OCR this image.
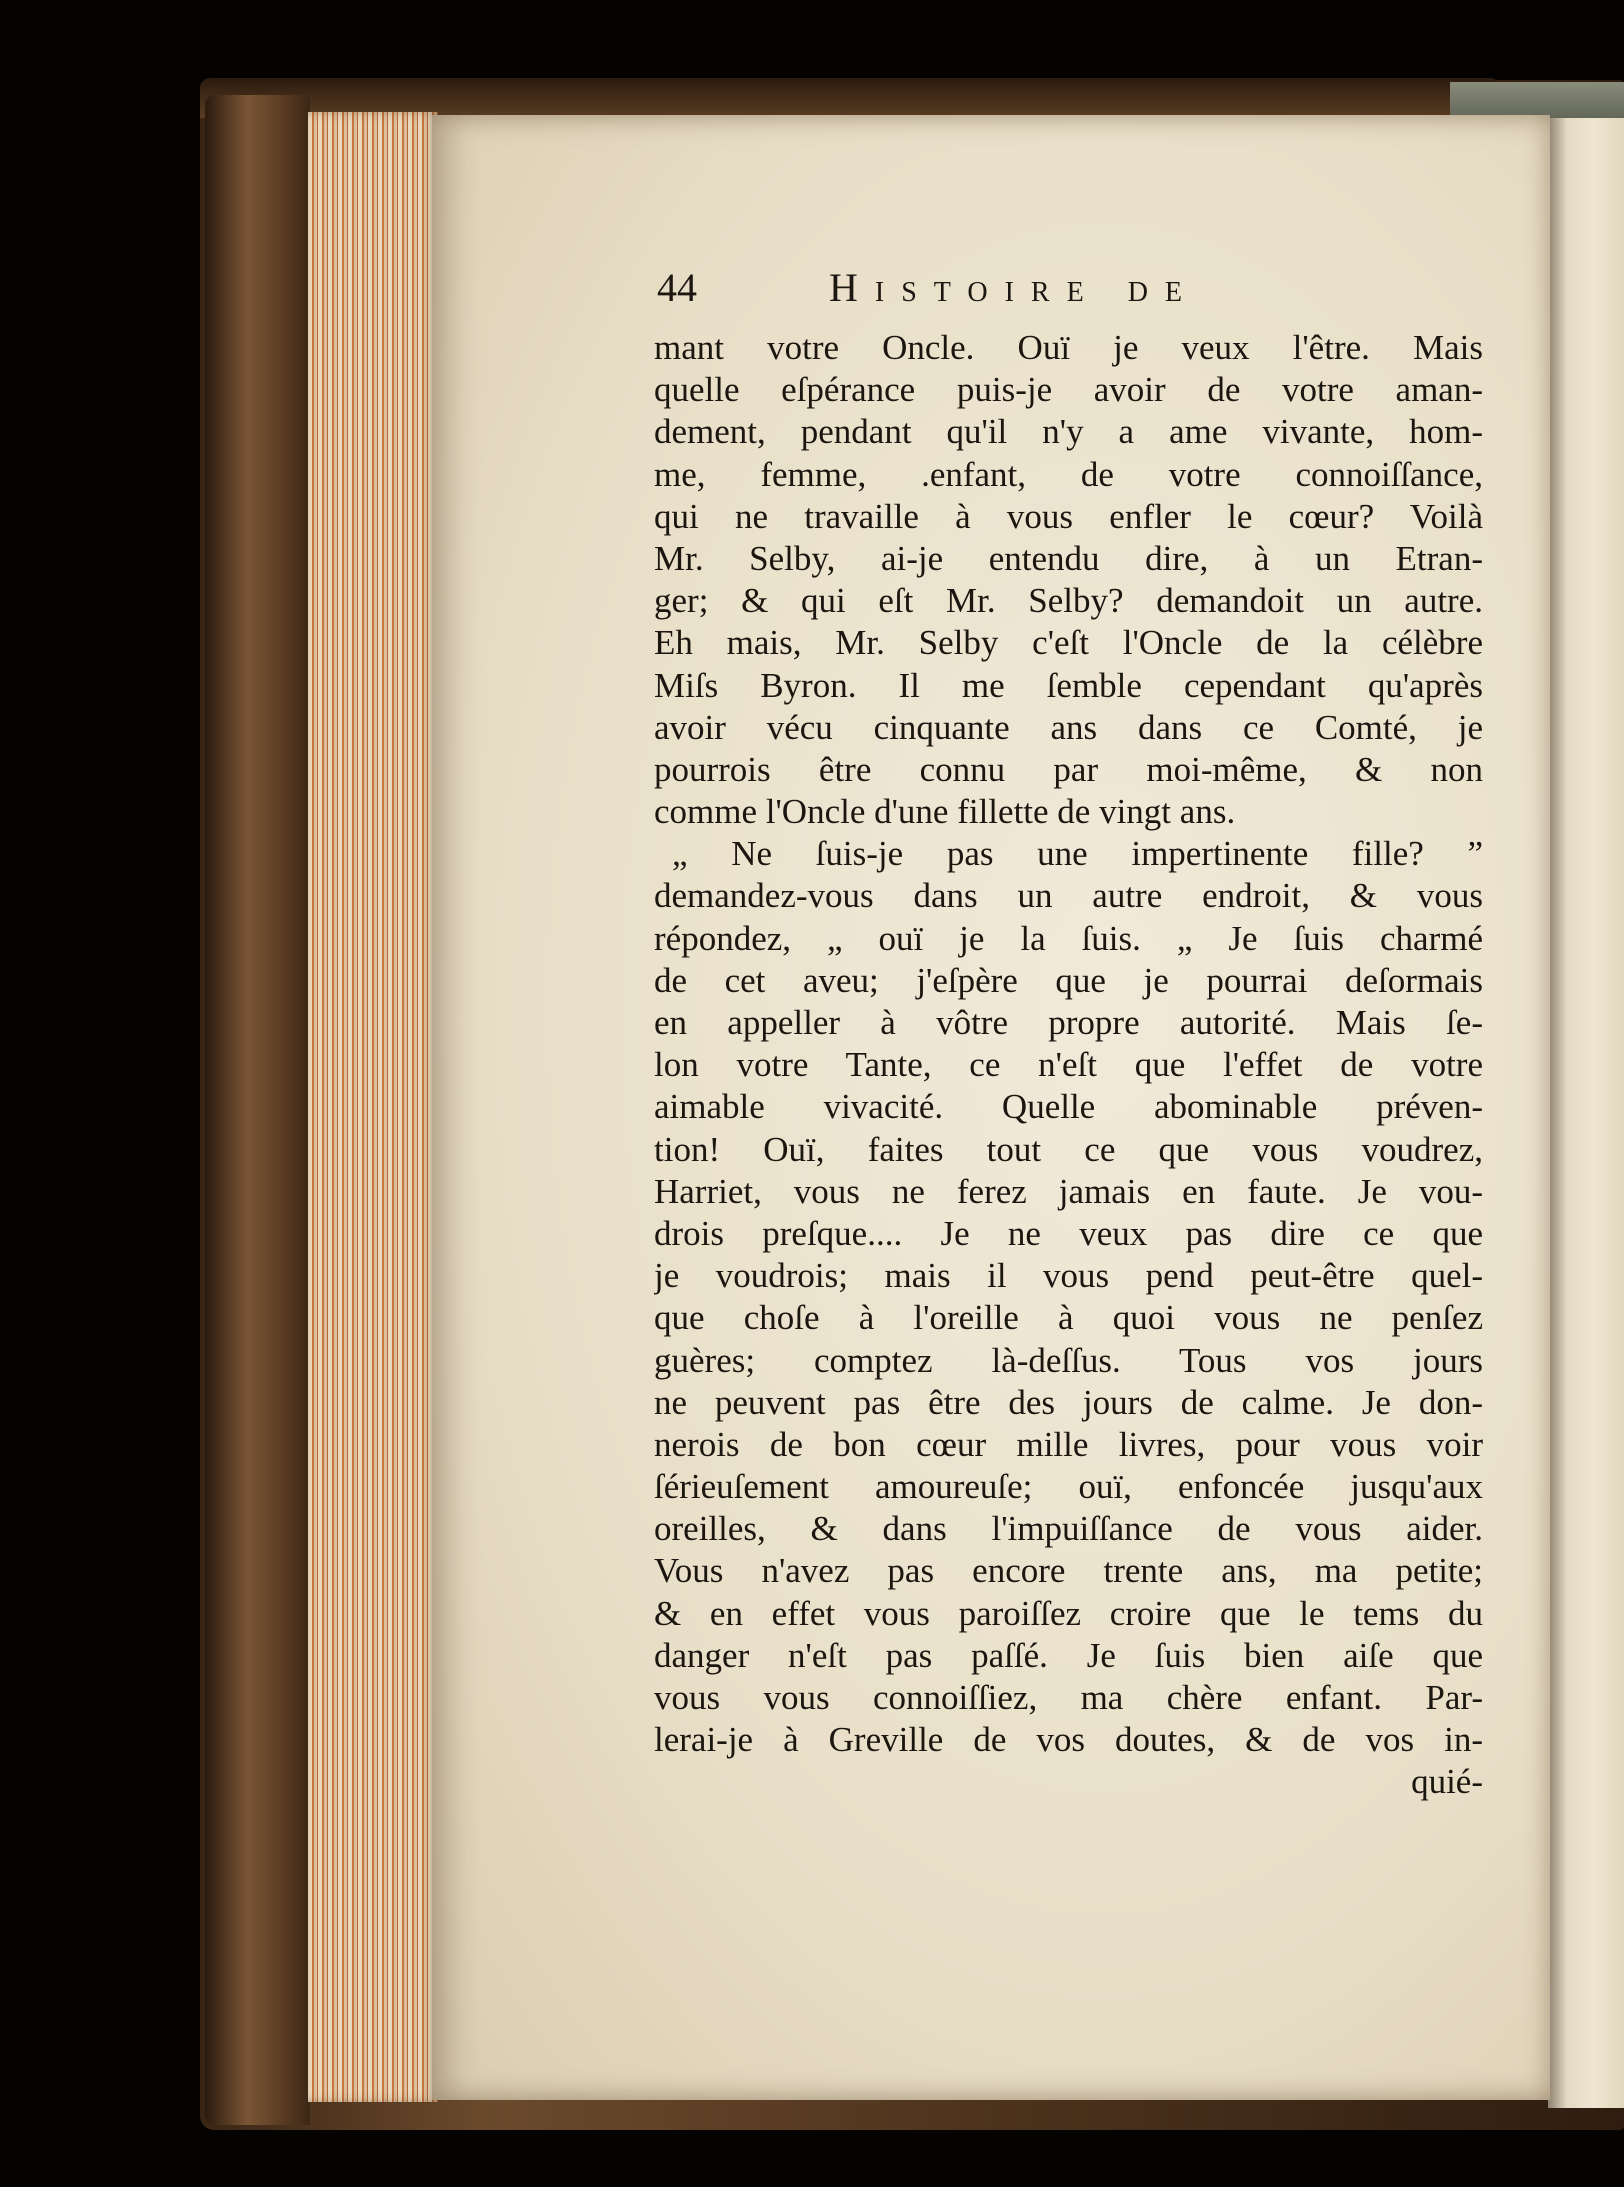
44	Histoire de
mant votre Oncle. Ouï je veux l'être. Mais
quelle eſpérance puis-je avoir de votre aman-
dement, pendant qu'il n'y a ame vivante, hom-
me, femme, .enfant, de votre connoiſſance,
qui ne travaille à vous enfler le cœur? Voilà
Mr. Selby, ai-je entendu dire, à un Etran-
ger; & qui eſt Mr. Selby? demandoit un autre.
Eh mais, Mr. Selby c'eſt l'Oncle de la célèbre
Miſs Byron. Il me ſemble cependant qu'après
avoir vécu cinquante ans dans ce Comté, je
pourrois être connu par moi-même, & non
comme l'Oncle d'une fillette de vingt ans.
„ Ne ſuis-je pas une impertinente fille? ”
demandez-vous dans un autre endroit, & vous
répondez, „ ouï je la ſuis. „ Je ſuis charmé
de cet aveu; j'eſpère que je pourrai deſormais
en appeller à vôtre propre autorité. Mais ſe-
lon votre Tante, ce n'eſt que l'effet de votre
aimable vivacité. Quelle abominable préven-
tion! Ouï, faites tout ce que vous voudrez,
Harriet, vous ne ferez jamais en faute. Je vou-
drois preſque.... Je ne veux pas dire ce que
je voudrois; mais il vous pend peut-être quel-
que choſe à l'oreille à quoi vous ne penſez
guères; comptez là-deſſus. Tous vos jours
ne peuvent pas être des jours de calme. Je don-
nerois de bon cœur mille livres, pour vous voir
ſérieuſement amoureuſe; ouï, enfoncée jusqu'aux
oreilles, & dans l'impuiſſance de vous aider.
Vous n'avez pas encore trente ans, ma petite;
& en effet vous paroiſſez croire que le tems du
danger n'eſt pas paſſé. Je ſuis bien aiſe que
vous vous connoiſſiez, ma chère enfant. Par-
lerai-je à Greville de vos doutes, & de vos in-
quié-
